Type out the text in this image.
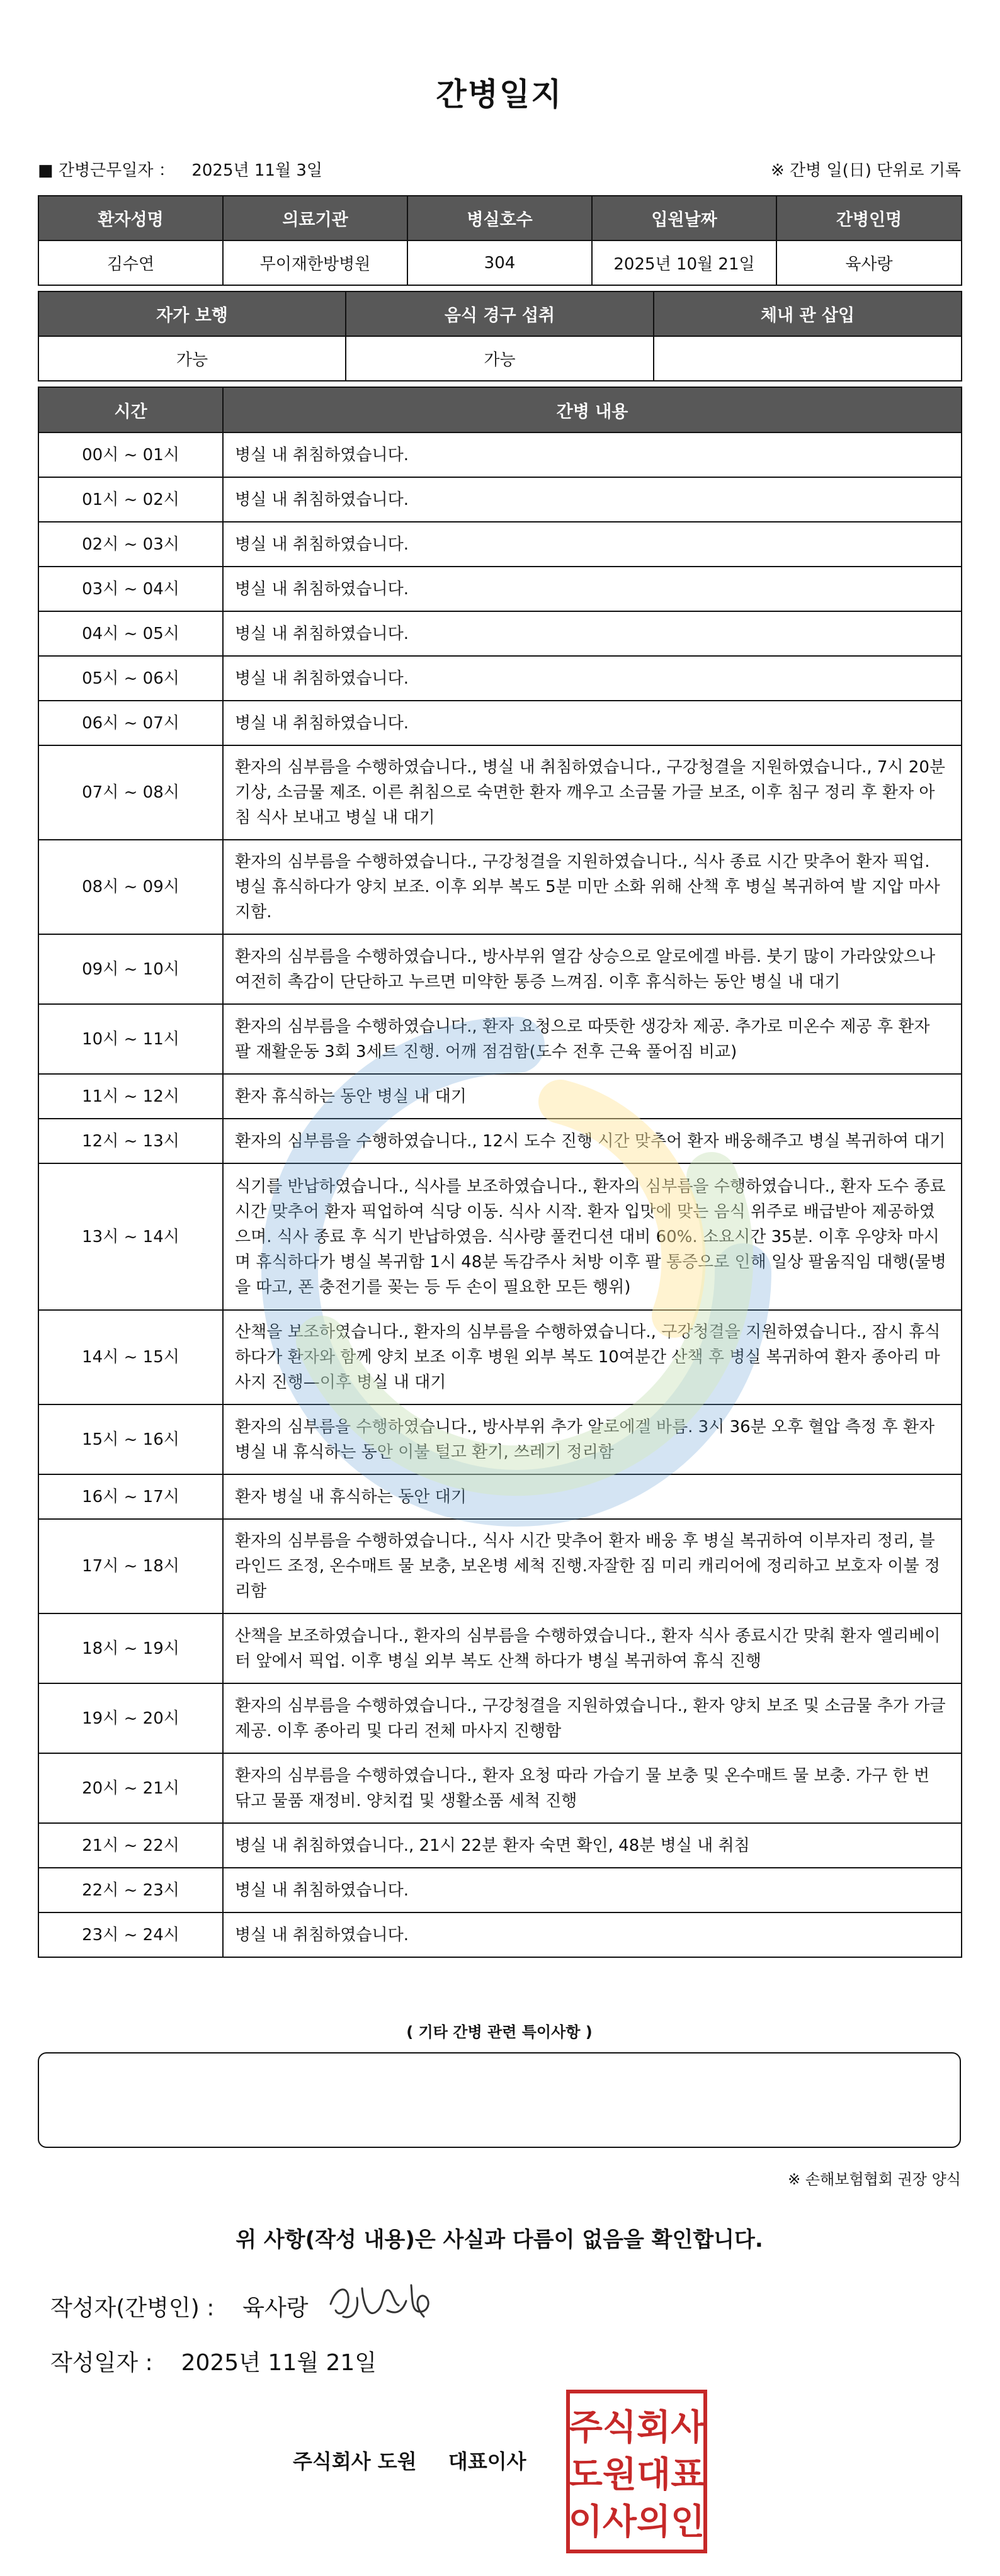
간병일지
■ 간병근무일자 ： 2025년 11월 3일	※ 간병 일(日) 단위로 기록
환자성명	의료기관	병실호수	입원날짜	간병인명
김수연	무이재한방병원	304	2025년 10월 21일	육사랑
자가 보행	음식 경구 섭취	체내 관 삽입
가능	가능	
시간	간병 내용
00시 ~ 01시	병실 내 취침하였습니다.
01시 ~ 02시	병실 내 취침하였습니다.
02시 ~ 03시	병실 내 취침하였습니다.
03시 ~ 04시	병실 내 취침하였습니다.
04시 ~ 05시	병실 내 취침하였습니다.
05시 ~ 06시	병실 내 취침하였습니다.
06시 ~ 07시	병실 내 취침하였습니다.
07시 ~ 08시	환자의 심부름을 수행하였습니다., 병실 내 취침하였습니다., 구강청결을 지원하였습니다., 7시 20분 기상, 소금물 제조. 이른 취침으로 숙면한 환자 깨우고 소금물 가글 보조, 이후 침구 정리 후 환자 아침 식사 보내고 병실 내 대기
08시 ~ 09시	환자의 심부름을 수행하였습니다., 구강청결을 지원하였습니다., 식사 종료 시간 맞추어 환자 픽업. 병실 휴식하다가 양치 보조. 이후 외부 복도 5분 미만 소화 위해 산책 후 병실 복귀하여 발 지압 마사지함.
09시 ~ 10시	환자의 심부름을 수행하였습니다., 방사부위 열감 상승으로 알로에겔 바름. 붓기 많이 가라앉았으나 여전히 촉감이 단단하고 누르면 미약한 통증 느껴짐. 이후 휴식하는 동안 병실 내 대기
10시 ~ 11시	환자의 심부름을 수행하였습니다., 환자 요청으로 따뜻한 생강차 제공. 추가로 미온수 제공 후 환자 팔 재활운동 3회 3세트 진행. 어깨 점검함(도수 전후 근육 풀어짐 비교)
11시 ~ 12시	환자 휴식하는 동안 병실 내 대기
12시 ~ 13시	환자의 심부름을 수행하였습니다., 12시 도수 진행 시간 맞추어 환자 배웅해주고 병실 복귀하여 대기
13시 ~ 14시	식기를 반납하였습니다., 식사를 보조하였습니다., 환자의 심부름을 수행하였습니다., 환자 도수 종료 시간 맞추어 환자 픽업하여 식당 이동. 식사 시작. 환자 입맛에 맞는 음식 위주로 배급받아 제공하였으며. 식사 종료 후 식기 반납하였음. 식사량 풀컨디션 대비 60%. 소요시간 35분. 이후 우양차 마시며 휴식하다가 병실 복귀함 1시 48분 독감주사 처방 이후 팔 통증으로 인해 일상 팔움직임 대행(물병을 따고, 폰 충전기를 꽂는 등 두 손이 필요한 모든 행위)
14시 ~ 15시	산책을 보조하였습니다., 환자의 심부름을 수행하였습니다., 구강청결을 지원하였습니다., 잠시 휴식하다가 환자와 함께 양치 보조 이후 병원 외부 복도 10여분간 산책 후 병실 복귀하여 환자 종아리 마사지 진행—이후 병실 내 대기
15시 ~ 16시	환자의 심부름을 수행하였습니다., 방사부위 추가 알로에겔 바름. 3시 36분 오후 혈압 측정 후 환자 병실 내 휴식하는 동안 이불 털고 환기, 쓰레기 정리함
16시 ~ 17시	환자 병실 내 휴식하는 동안 대기
17시 ~ 18시	환자의 심부름을 수행하였습니다., 식사 시간 맞추어 환자 배웅 후 병실 복귀하여 이부자리 정리, 블라인드 조정, 온수매트 물 보충, 보온병 세척 진행.자잘한 짐 미리 캐리어에 정리하고 보호자 이불 정리함
18시 ~ 19시	산책을 보조하였습니다., 환자의 심부름을 수행하였습니다., 환자 식사 종료시간 맞춰 환자 엘리베이터 앞에서 픽업. 이후 병실 외부 복도 산책 하다가 병실 복귀하여 휴식 진행
19시 ~ 20시	환자의 심부름을 수행하였습니다., 구강청결을 지원하였습니다., 환자 양치 보조 및 소금물 추가 가글 제공. 이후 종아리 및 다리 전체 마사지 진행함
20시 ~ 21시	환자의 심부름을 수행하였습니다., 환자 요청 따라 가습기 물 보충 및 온수매트 물 보충. 가구 한 번 닦고 물품 재정비. 양치컵 및 생활소품 세척 진행
21시 ~ 22시	병실 내 취침하였습니다., 21시 22분 환자 숙면 확인, 48분 병실 내 취침
22시 ~ 23시	병실 내 취침하였습니다.
23시 ~ 24시	병실 내 취침하였습니다.
( 기타 간병 관련 특이사항 )
※ 손해보험협회 권장 양식
위 사항(작성 내용)은 사실과 다름이 없음을 확인합니다.
작성자(간병인) : 육사랑
작성일자 : 2025년 11월 21일
주식회사 도원 대표이사
주식회사
도원대표
이사의인
